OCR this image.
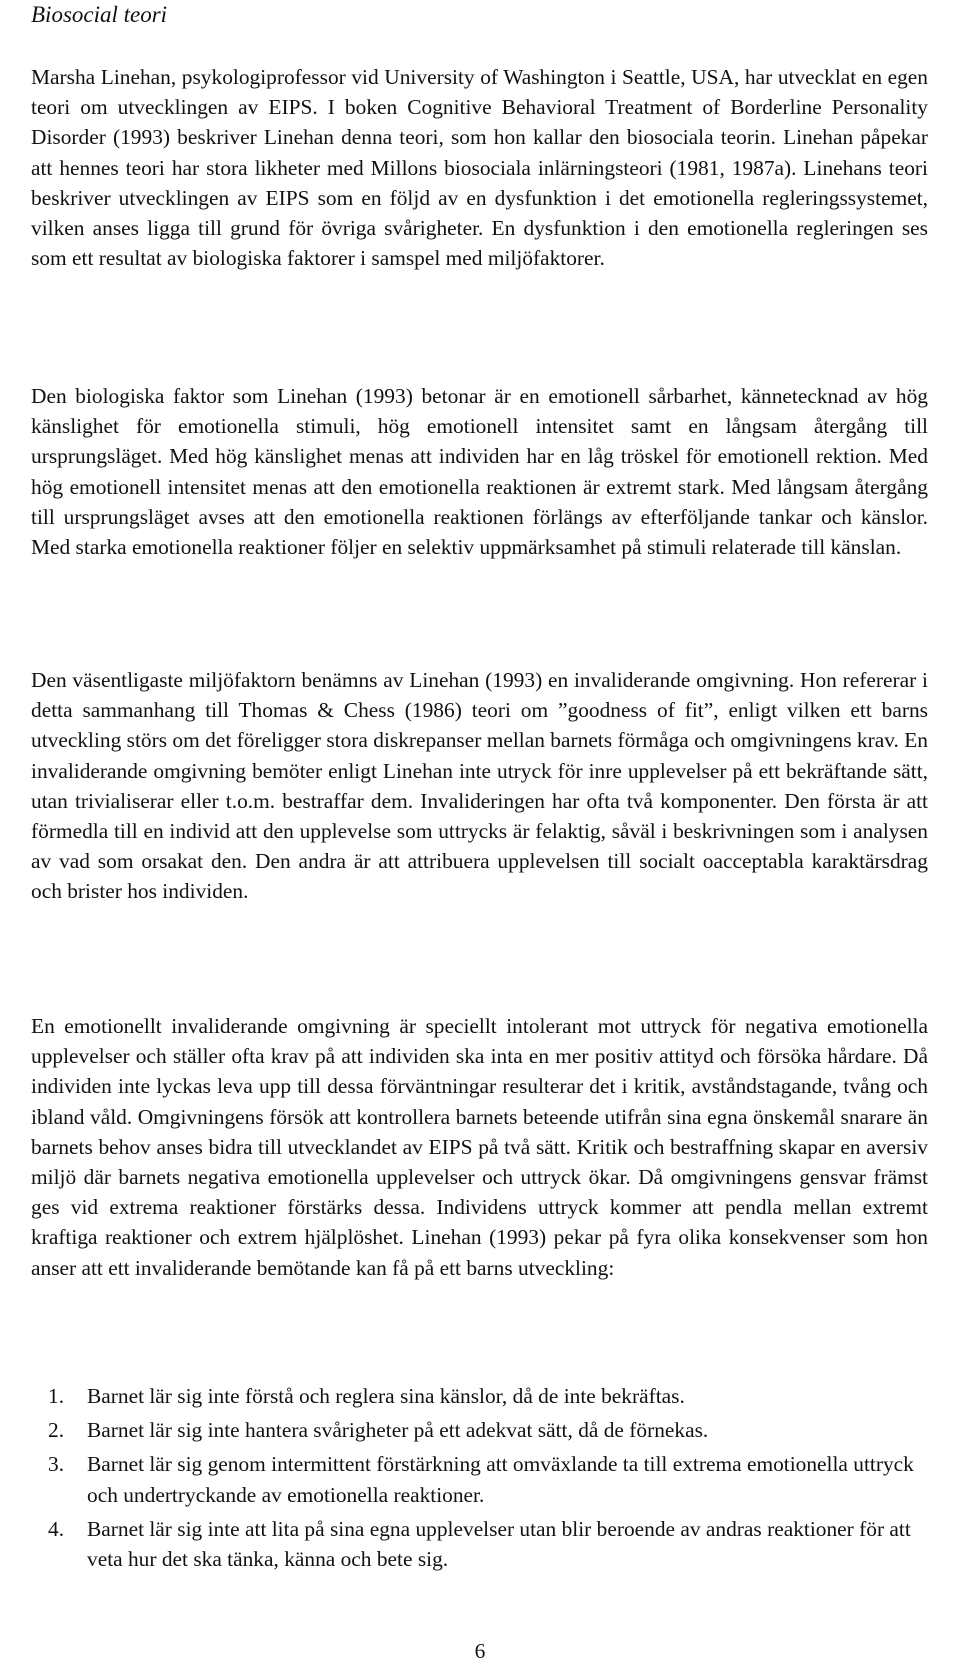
Biosocial teori

Marsha Linehan, psykologiprofessor vid University of Washington i Seattle, USA, har utvecklat en egen teori om utvecklingen av EIPS. I boken Cognitive Behavioral Treatment of Borderline Personality Disorder (1993) beskriver Linehan denna teori, som hon kallar den biosociala teorin. Linehan påpekar att hennes teori har stora likheter med Millons biosociala inlärningsteori (1981, 1987a). Linehans teori beskriver utvecklingen av EIPS som en följd av en dysfunktion i det emotionella regleringssystemet, vilken anses ligga till grund för övriga svårigheter. En dysfunktion i den emotionella regleringen ses som ett resultat av biologiska faktorer i samspel med miljöfaktorer.

Den biologiska faktor som Linehan (1993) betonar är en emotionell sårbarhet, kännetecknad av hög känslighet för emotionella stimuli, hög emotionell intensitet samt en långsam återgång till ursprungsläget. Med hög känslighet menas att individen har en låg tröskel för emotionell rektion. Med hög emotionell intensitet menas att den emotionella reaktionen är extremt stark. Med långsam återgång till ursprungsläget avses att den emotionella reaktionen förlängs av efterföljande tankar och känslor. Med starka emotionella reaktioner följer en selektiv uppmärksamhet på stimuli relaterade till känslan.

Den väsentligaste miljöfaktorn benämns av Linehan (1993) en invaliderande omgivning. Hon refererar i detta sammanhang till Thomas & Chess (1986) teori om ”goodness of fit”, enligt vilken ett barns utveckling störs om det föreligger stora diskrepanser mellan barnets förmåga och omgivningens krav. En invaliderande omgivning bemöter enligt Linehan inte utryck för inre upplevelser på ett bekräftande sätt, utan trivialiserar eller t.o.m. bestraffar dem. Invalideringen har ofta två komponenter. Den första är att förmedla till en individ att den upplevelse som uttrycks är felaktig, såväl i beskrivningen som i analysen av vad som orsakat den. Den andra är att attribuera upplevelsen till socialt oacceptabla karaktärsdrag och brister hos individen.

En emotionellt invaliderande omgivning är speciellt intolerant mot uttryck för negativa emotionella upplevelser och ställer ofta krav på att individen ska inta en mer positiv attityd och försöka hårdare. Då individen inte lyckas leva upp till dessa förväntningar resulterar det i kritik, avståndstagande, tvång och ibland våld. Omgivningens försök att kontrollera barnets beteende utifrån sina egna önskemål snarare än barnets behov anses bidra till utvecklandet av EIPS på två sätt. Kritik och bestraffning skapar en aversiv miljö där barnets negativa emotionella upplevelser och uttryck ökar. Då omgivningens gensvar främst ges vid extrema reaktioner förstärks dessa. Individens uttryck kommer att pendla mellan extremt kraftiga reaktioner och extrem hjälplöshet. Linehan (1993) pekar på fyra olika konsekvenser som hon anser att ett invaliderande bemötande kan få på ett barns utveckling:

1. Barnet lär sig inte förstå och reglera sina känslor, då de inte bekräftas.
2. Barnet lär sig inte hantera svårigheter på ett adekvat sätt, då de förnekas.
3. Barnet lär sig genom intermittent förstärkning att omväxlande ta till extrema emotionella uttryck och undertryckande av emotionella reaktioner.
4. Barnet lär sig inte att lita på sina egna upplevelser utan blir beroende av andras reaktioner för att veta hur det ska tänka, känna och bete sig.
6
